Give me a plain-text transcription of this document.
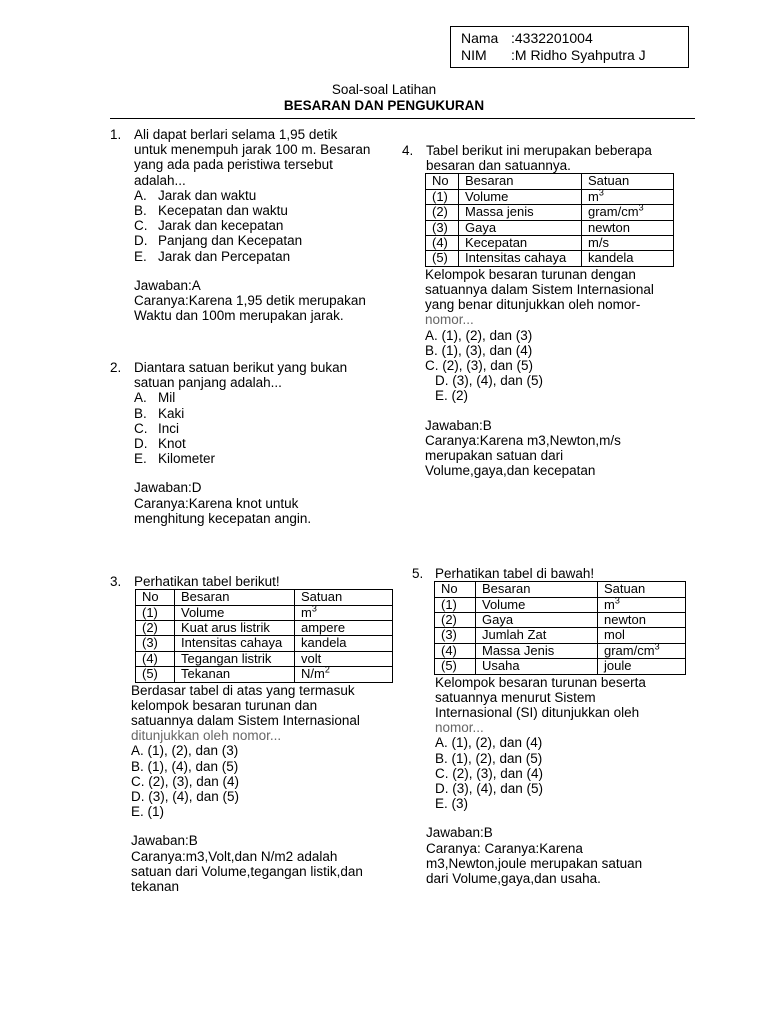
Nama :4332201004
NIM :M Ridho Syahputra J
Soal-soal Latihan
BESARAN DAN PENGUKURAN
1. Ali dapat berlari selama 1,95 detik
untuk menempuh jarak 100 m. Besaran
yang ada pada peristiwa tersebut
adalah...
A. Jarak dan waktu
B. Kecepatan dan waktu
C. Jarak dan kecepatan
D. Panjang dan Kecepatan
E. Jarak dan Percepatan
Jawaban:A
Caranya:Karena 1,95 detik merupakan
Waktu dan 100m merupakan jarak.
2. Diantara satuan berikut yang bukan
satuan panjang adalah...
A. Mil
B. Kaki
C. Inci
D. Knot
E. Kilometer
Jawaban:D
Caranya:Karena knot untuk
menghitung kecepatan angin.
3. Perhatikan tabel berikut!
No	Besaran	Satuan
(1)	Volume	$m^3$
(2)	Kuat arus listrik	ampere
(3)	Intensitas cahaya	kandela
(4)	Tegangan listrik	volt
(5)	Tekanan	$N/m^2$
Berdasar tabel di atas yang termasuk
kelompok besaran turunan dan
satuannya dalam Sistem Internasional
ditunjukkan oleh nomor...
A. (1), (2), dan (3)
B. (1), (4), dan (5)
C. (2), (3), dan (4)
D. (3), (4), dan (5)
E. (1)
Jawaban:B
Caranya:m3,Volt,dan N/m2 adalah
satuan dari Volume,tegangan listik,dan
tekanan
4. Tabel berikut ini merupakan beberapa
besaran dan satuannya.
No	Besaran	Satuan
(1)	Volume	$m^3$
(2)	Massa jenis	gram/$cm^3$
(3)	Gaya	newton
(4)	Kecepatan	m/s
(5)	Intensitas cahaya	kandela
Kelompok besaran turunan dengan
satuannya dalam Sistem Internasional
yang benar ditunjukkan oleh nomor-
nomor...
A. (1), (2), dan (3)
B. (1), (3), dan (4)
C. (2), (3), dan (5)
D. (3), (4), dan (5)
E. (2)
Jawaban:B
Caranya:Karena m3,Newton,m/s
merupakan satuan dari
Volume,gaya,dan kecepatan
5. Perhatikan tabel di bawah!
No	Besaran	Satuan
(1)	Volume	$m^3$
(2)	Gaya	newton
(3)	Jumlah Zat	mol
(4)	Massa Jenis	gram/$cm^3$
(5)	Usaha	joule
Kelompok besaran turunan beserta
satuannya menurut Sistem
Internasional (SI) ditunjukkan oleh
nomor...
A. (1), (2), dan (4)
B. (1), (2), dan (5)
C. (2), (3), dan (4)
D. (3), (4), dan (5)
E. (3)
Jawaban:B
Caranya: Caranya:Karena
m3,Newton,joule merupakan satuan
dari Volume,gaya,dan usaha.
